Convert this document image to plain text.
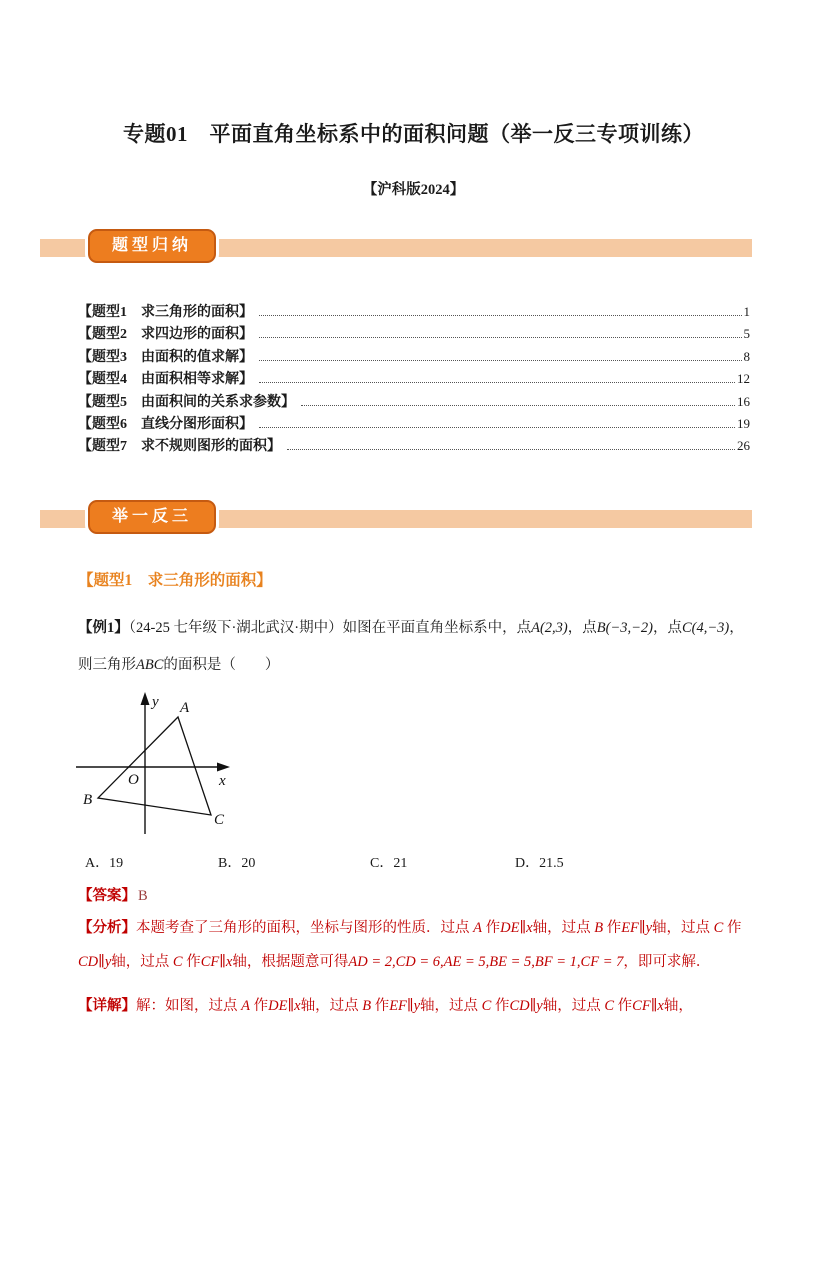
专题01　平面直角坐标系中的面积问题（举一反三专项训练）
【沪科版2024】
题型归纳
【题型1　求三角形的面积】	1
【题型2　求四边形的面积】	5
【题型3　由面积的值求解】	8
【题型4　由面积相等求解】	12
【题型5　由面积间的关系求参数】	16
【题型6　直线分图形面积】	19
【题型7　求不规则图形的面积】	26
举一反三
【题型1　求三角形的面积】
【例1】（24-25 七年级下·湖北武汉·期中）如图在平面直角坐标系中，点A(2,3)，点B(−3,−2)，点C(4,−3)，则三角形ABC的面积是（　　）
y
x
O
A
B
C
A．19	B．20	C．21	D．21.5
【答案】 B
【分析】本题考查了三角形的面积，坐标与图形的性质．过点 A 作DE∥x轴，过点 B 作EF∥y轴，过点 C 作CD∥y轴，过点 C 作CF∥x轴，根据题意可得AD = 2,CD = 6,AE = 5,BE = 5,BF = 1,CF = 7，即可求解．
【详解】解：如图，过点 A 作DE∥x轴，过点 B 作EF∥y轴，过点 C 作CD∥y轴，过点 C 作CF∥x轴，
